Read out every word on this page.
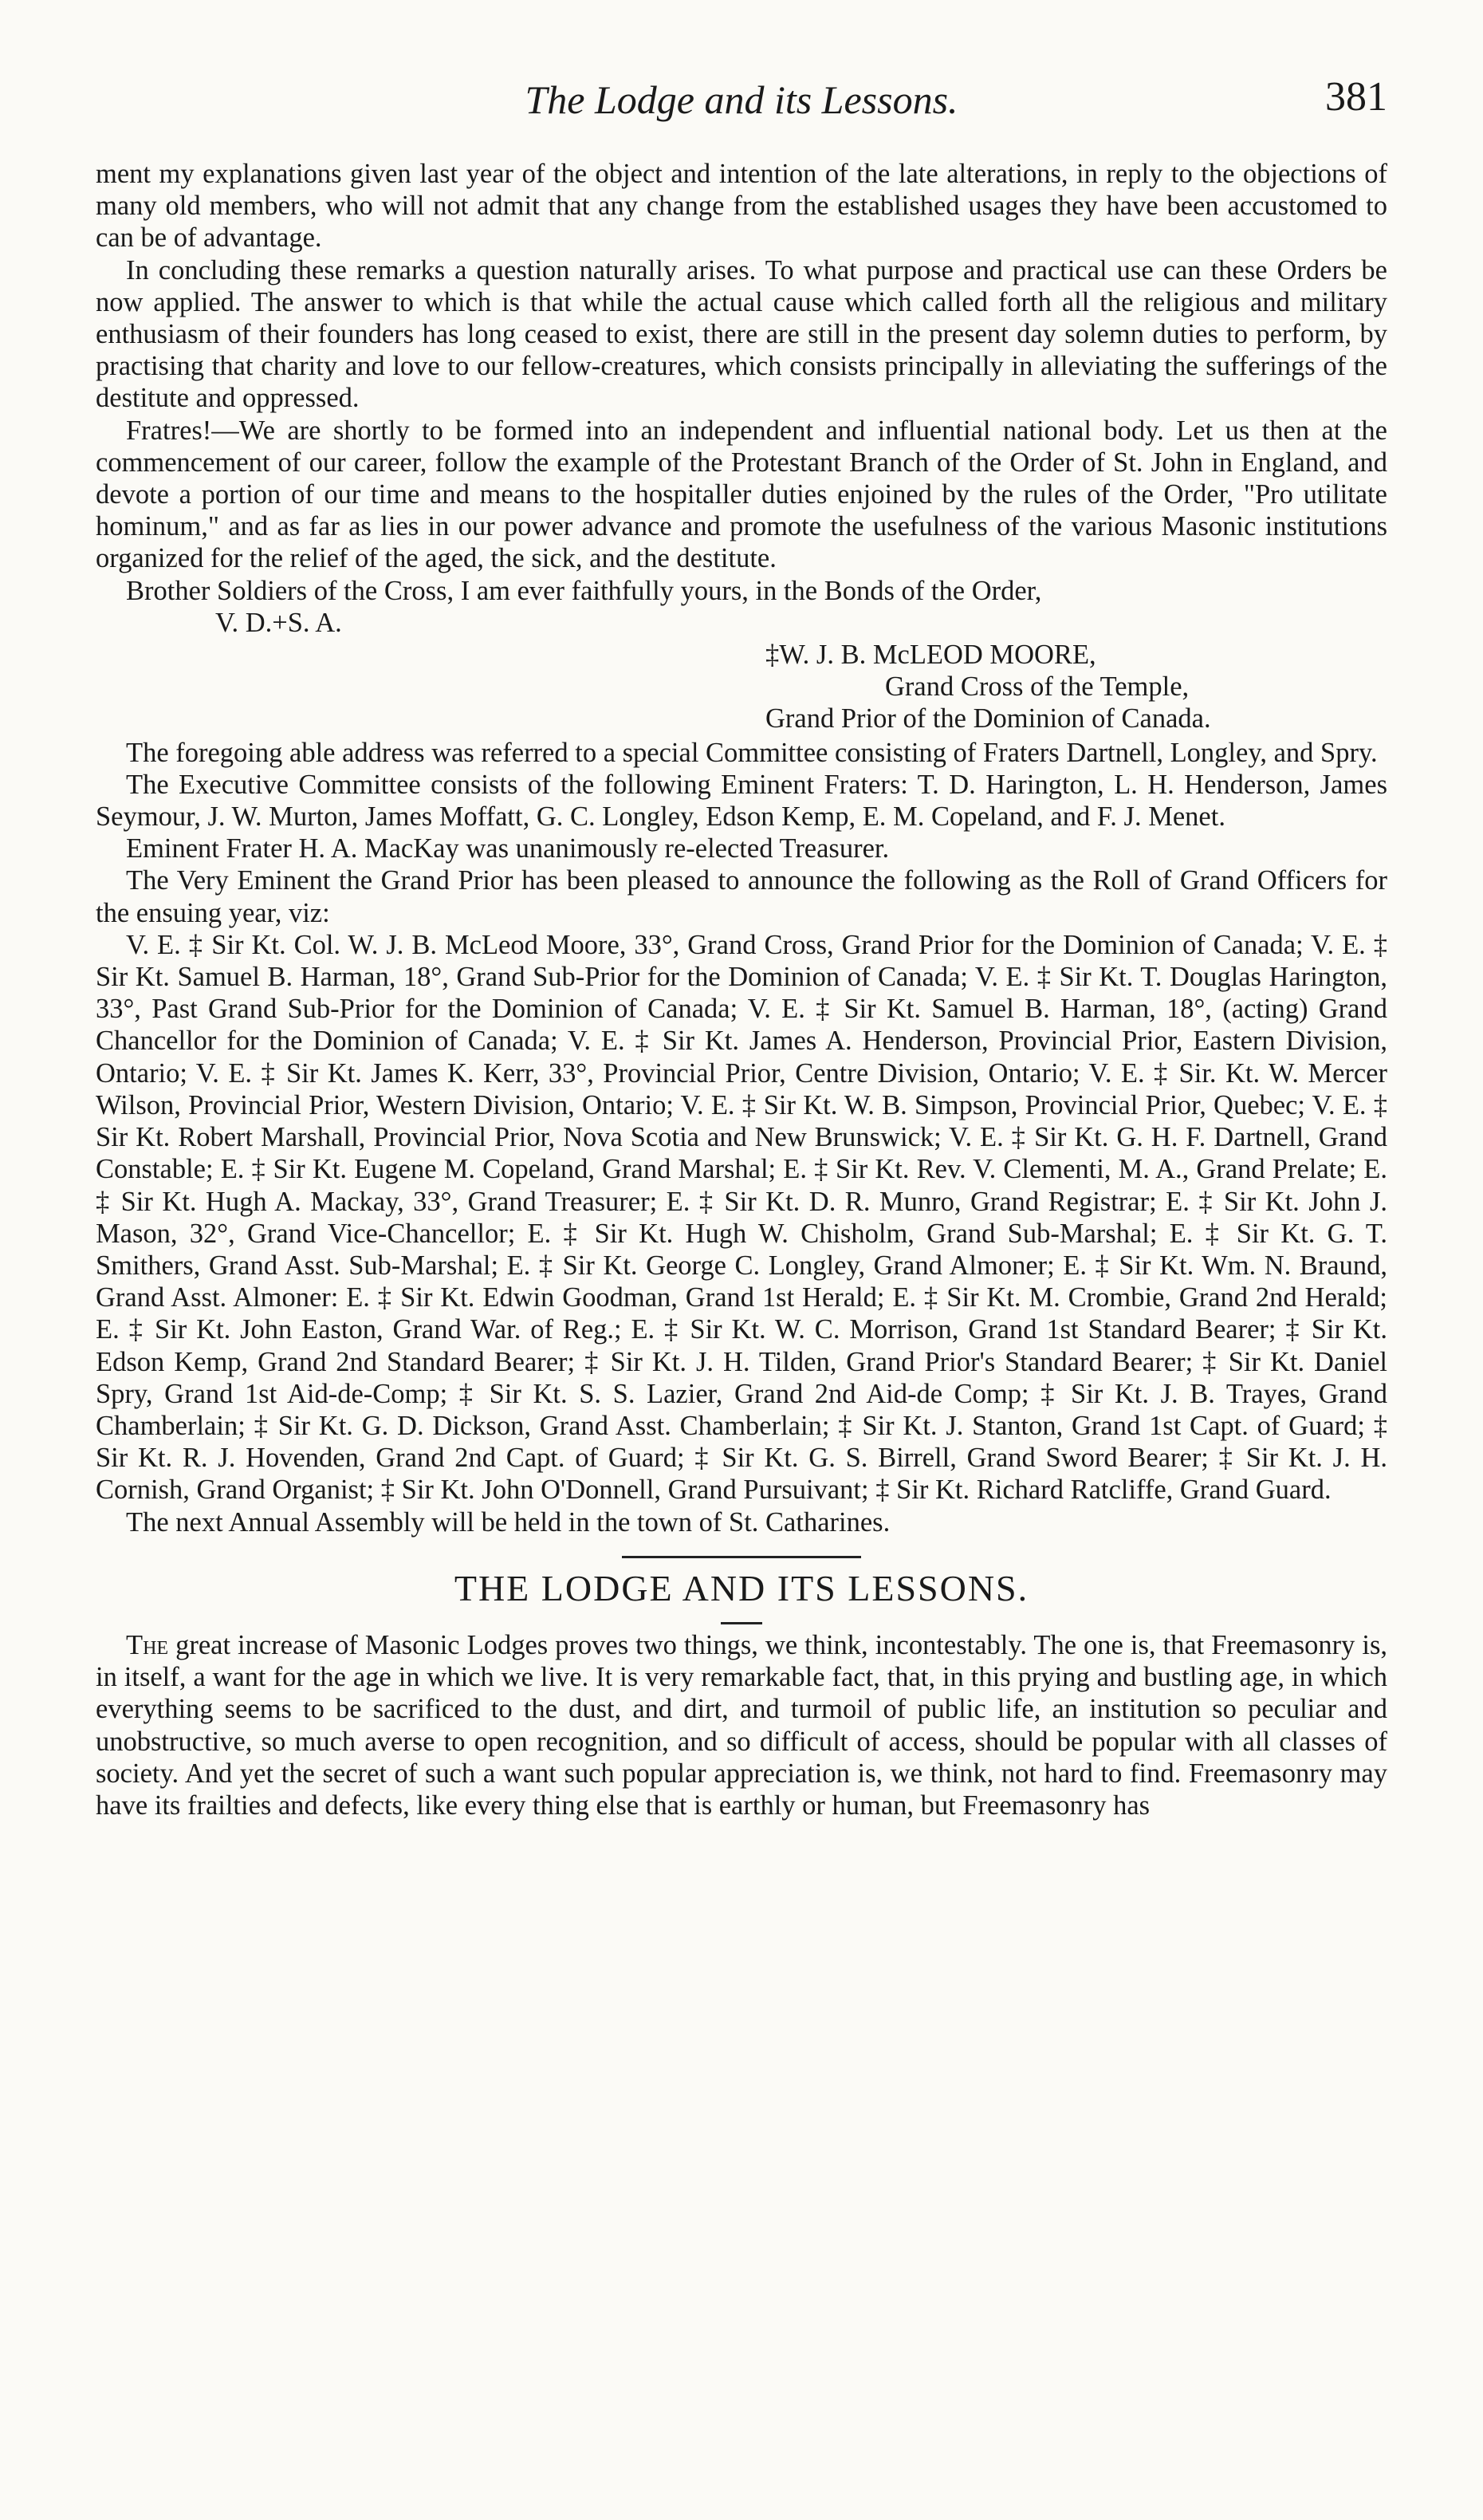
The Lodge and its Lessons.	381

ment my explanations given last year of the object and intention of the late alterations, in reply to the objections of many old members, who will not admit that any change from the established usages they have been accustomed to can be of advantage.

In concluding these remarks a question naturally arises. To what purpose and practical use can these Orders be now applied. The answer to which is that while the actual cause which called forth all the religious and military enthusiasm of their founders has long ceased to exist, there are still in the present day solemn duties to perform, by practising that charity and love to our fellow-creatures, which consists principally in alleviating the sufferings of the destitute and oppressed.

Fratres!—We are shortly to be formed into an independent and influential national body. Let us then at the commencement of our career, follow the example of the Protestant Branch of the Order of St. John in England, and devote a portion of our time and means to the hospitaller duties enjoined by the rules of the Order, "Pro utilitate hominum," and as far as lies in our power advance and promote the usefulness of the various Masonic institutions organized for the relief of the aged, the sick, and the destitute.

Brother Soldiers of the Cross, I am ever faithfully yours, in the Bonds of the Order,

V. D.+S. A.

‡W. J. B. McLEOD MOORE,

Grand Cross of the Temple,

Grand Prior of the Dominion of Canada.

The foregoing able address was referred to a special Committee consisting of Fraters Dartnell, Longley, and Spry.

The Executive Committee consists of the following Eminent Fraters: T. D. Harington, L. H. Henderson, James Seymour, J. W. Murton, James Moffatt, G. C. Longley, Edson Kemp, E. M. Copeland, and F. J. Menet.

Eminent Frater H. A. MacKay was unanimously re-elected Treasurer.

The Very Eminent the Grand Prior has been pleased to announce the following as the Roll of Grand Officers for the ensuing year, viz:

V. E. ‡ Sir Kt. Col. W. J. B. McLeod Moore, 33°, Grand Cross, Grand Prior for the Dominion of Canada; V. E. ‡ Sir Kt. Samuel B. Harman, 18°, Grand Sub-Prior for the Dominion of Canada; V. E. ‡ Sir Kt. T. Douglas Harington, 33°, Past Grand Sub-Prior for the Dominion of Canada; V. E. ‡ Sir Kt. Samuel B. Harman, 18°, (acting) Grand Chancellor for the Dominion of Canada; V. E. ‡ Sir Kt. James A. Henderson, Provincial Prior, Eastern Division, Ontario; V. E. ‡ Sir Kt. James K. Kerr, 33°, Provincial Prior, Centre Division, Ontario; V. E. ‡ Sir. Kt. W. Mercer Wilson, Provincial Prior, Western Division, Ontario; V. E. ‡ Sir Kt. W. B. Simpson, Provincial Prior, Quebec; V. E. ‡ Sir Kt. Robert Marshall, Provincial Prior, Nova Scotia and New Brunswick; V. E. ‡ Sir Kt. G. H. F. Dartnell, Grand Constable; E. ‡ Sir Kt. Eugene M. Copeland, Grand Marshal; E. ‡ Sir Kt. Rev. V. Clementi, M. A., Grand Prelate; E. ‡ Sir Kt. Hugh A. Mackay, 33°, Grand Treasurer; E. ‡ Sir Kt. D. R. Munro, Grand Registrar; E. ‡ Sir Kt. John J. Mason, 32°, Grand Vice-Chancellor; E. ‡ Sir Kt. Hugh W. Chisholm, Grand Sub-Marshal; E. ‡ Sir Kt. G. T. Smithers, Grand Asst. Sub-Marshal; E. ‡ Sir Kt. George C. Longley, Grand Almoner; E. ‡ Sir Kt. Wm. N. Braund, Grand Asst. Almoner: E. ‡ Sir Kt. Edwin Goodman, Grand 1st Herald; E. ‡ Sir Kt. M. Crombie, Grand 2nd Herald; E. ‡ Sir Kt. John Easton, Grand War. of Reg.; E. ‡ Sir Kt. W. C. Morrison, Grand 1st Standard Bearer; ‡ Sir Kt. Edson Kemp, Grand 2nd Standard Bearer; ‡ Sir Kt. J. H. Tilden, Grand Prior's Standard Bearer; ‡ Sir Kt. Daniel Spry, Grand 1st Aid-de-Comp; ‡ Sir Kt. S. S. Lazier, Grand 2nd Aid-de Comp; ‡ Sir Kt. J. B. Trayes, Grand Chamberlain; ‡ Sir Kt. G. D. Dickson, Grand Asst. Chamberlain; ‡ Sir Kt. J. Stanton, Grand 1st Capt. of Guard; ‡ Sir Kt. R. J. Hovenden, Grand 2nd Capt. of Guard; ‡ Sir Kt. G. S. Birrell, Grand Sword Bearer; ‡ Sir Kt. J. H. Cornish, Grand Organist; ‡ Sir Kt. John O'Donnell, Grand Pursuivant; ‡ Sir Kt. Richard Ratcliffe, Grand Guard.

The next Annual Assembly will be held in the town of St. Catharines.

THE LODGE AND ITS LESSONS.

The great increase of Masonic Lodges proves two things, we think, incontestably. The one is, that Freemasonry is, in itself, a want for the age in which we live. It is very remarkable fact, that, in this prying and bustling age, in which everything seems to be sacrificed to the dust, and dirt, and turmoil of public life, an institution so peculiar and unobstructive, so much averse to open recognition, and so difficult of access, should be popular with all classes of society. And yet the secret of such a want such popular appreciation is, we think, not hard to find. Freemasonry may have its frailties and defects, like every thing else that is earthly or human, but Freemasonry has
